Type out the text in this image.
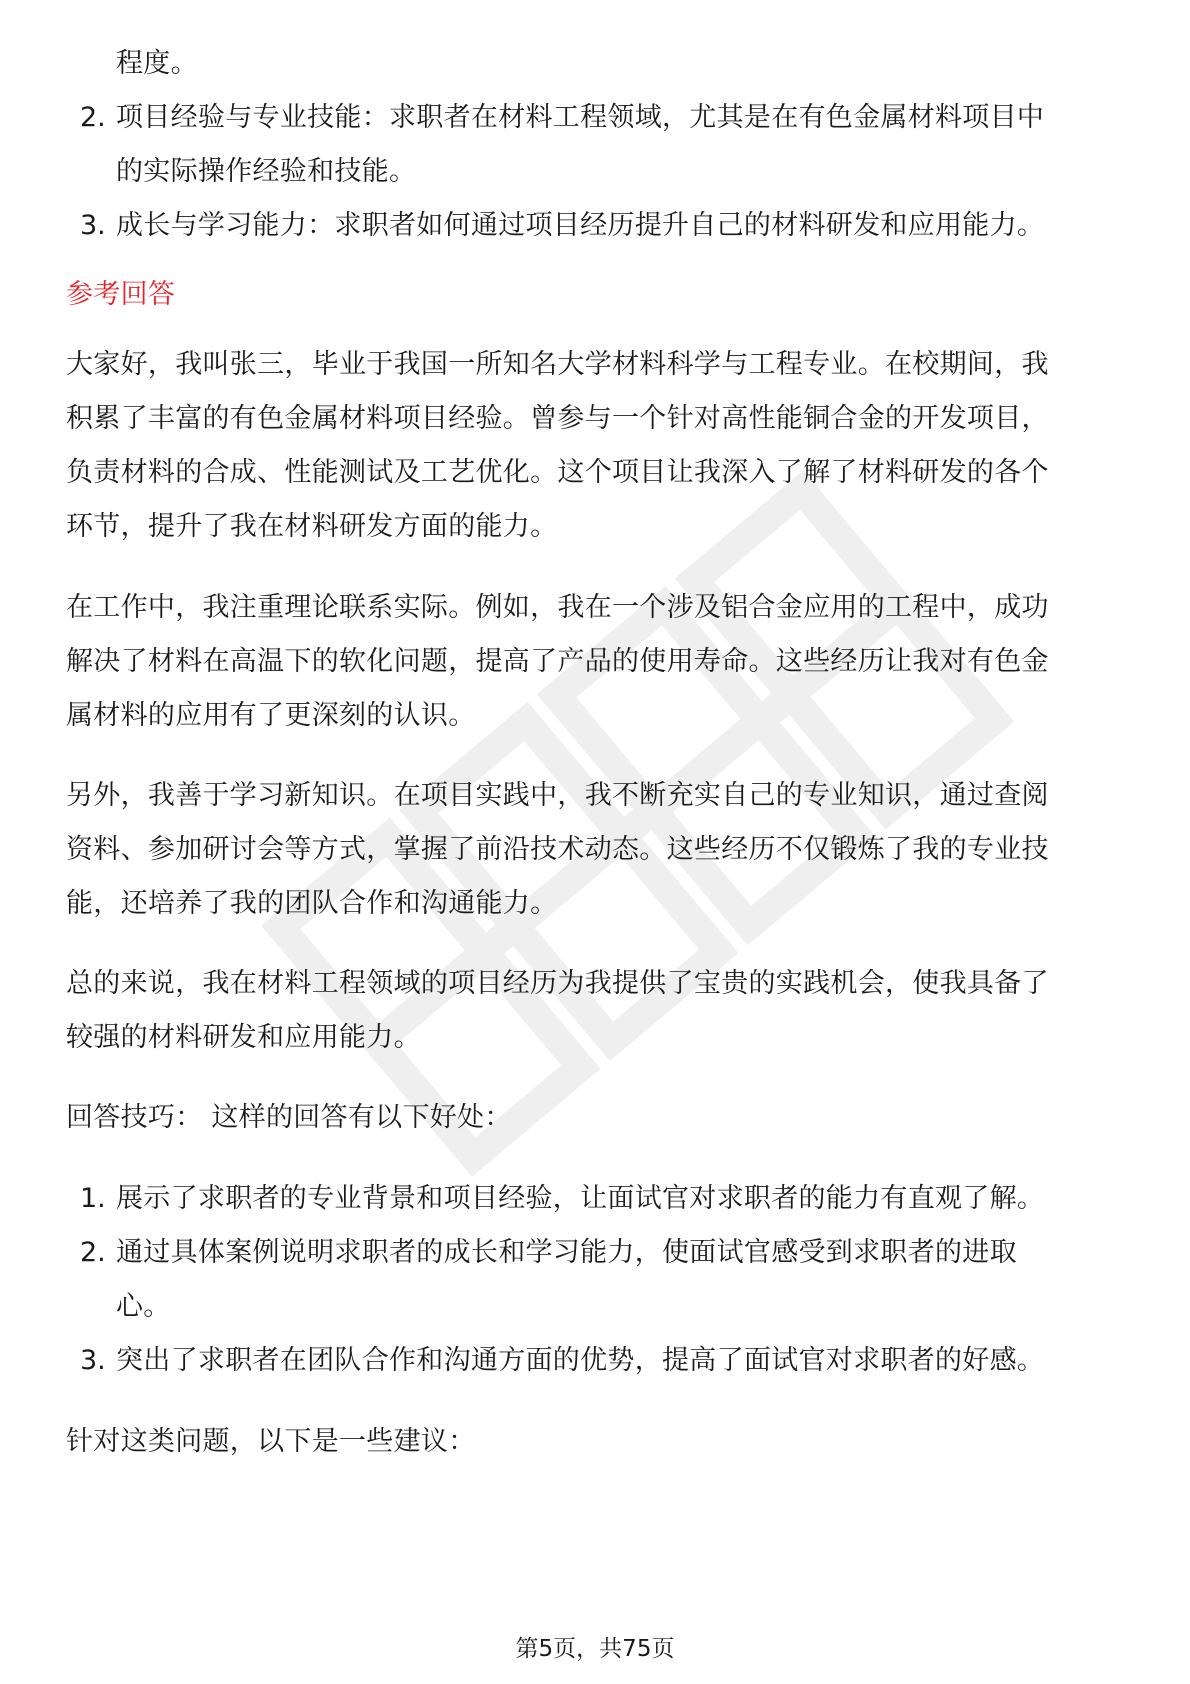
程度。
2. 项目经验与专业技能：求职者在材料工程领域，尤其是在有色金属材料项目中
的实际操作经验和技能。
3. 成长与学习能力：求职者如何通过项目经历提升自己的材料研发和应用能力。
参考回答
大家好，我叫张三，毕业于我国一所知名大学材料科学与工程专业。在校期间，我
积累了丰富的有色金属材料项目经验。曾参与一个针对高性能铜合金的开发项目，
负责材料的合成、性能测试及工艺优化。这个项目让我深入了解了材料研发的各个
环节，提升了我在材料研发方面的能力。
在工作中，我注重理论联系实际。例如，我在一个涉及铝合金应用的工程中，成功
解决了材料在高温下的软化问题，提高了产品的使用寿命。这些经历让我对有色金
属材料的应用有了更深刻的认识。
另外，我善于学习新知识。在项目实践中，我不断充实自己的专业知识，通过查阅
资料、参加研讨会等方式，掌握了前沿技术动态。这些经历不仅锻炼了我的专业技
能，还培养了我的团队合作和沟通能力。
总的来说，我在材料工程领域的项目经历为我提供了宝贵的实践机会，使我具备了
较强的材料研发和应用能力。
回答技巧： 这样的回答有以下好处：
1. 展示了求职者的专业背景和项目经验，让面试官对求职者的能力有直观了解。
2. 通过具体案例说明求职者的成长和学习能力，使面试官感受到求职者的进取
心。
3. 突出了求职者在团队合作和沟通方面的优势，提高了面试官对求职者的好感。
针对这类问题，以下是一些建议：
第5页，共75页
